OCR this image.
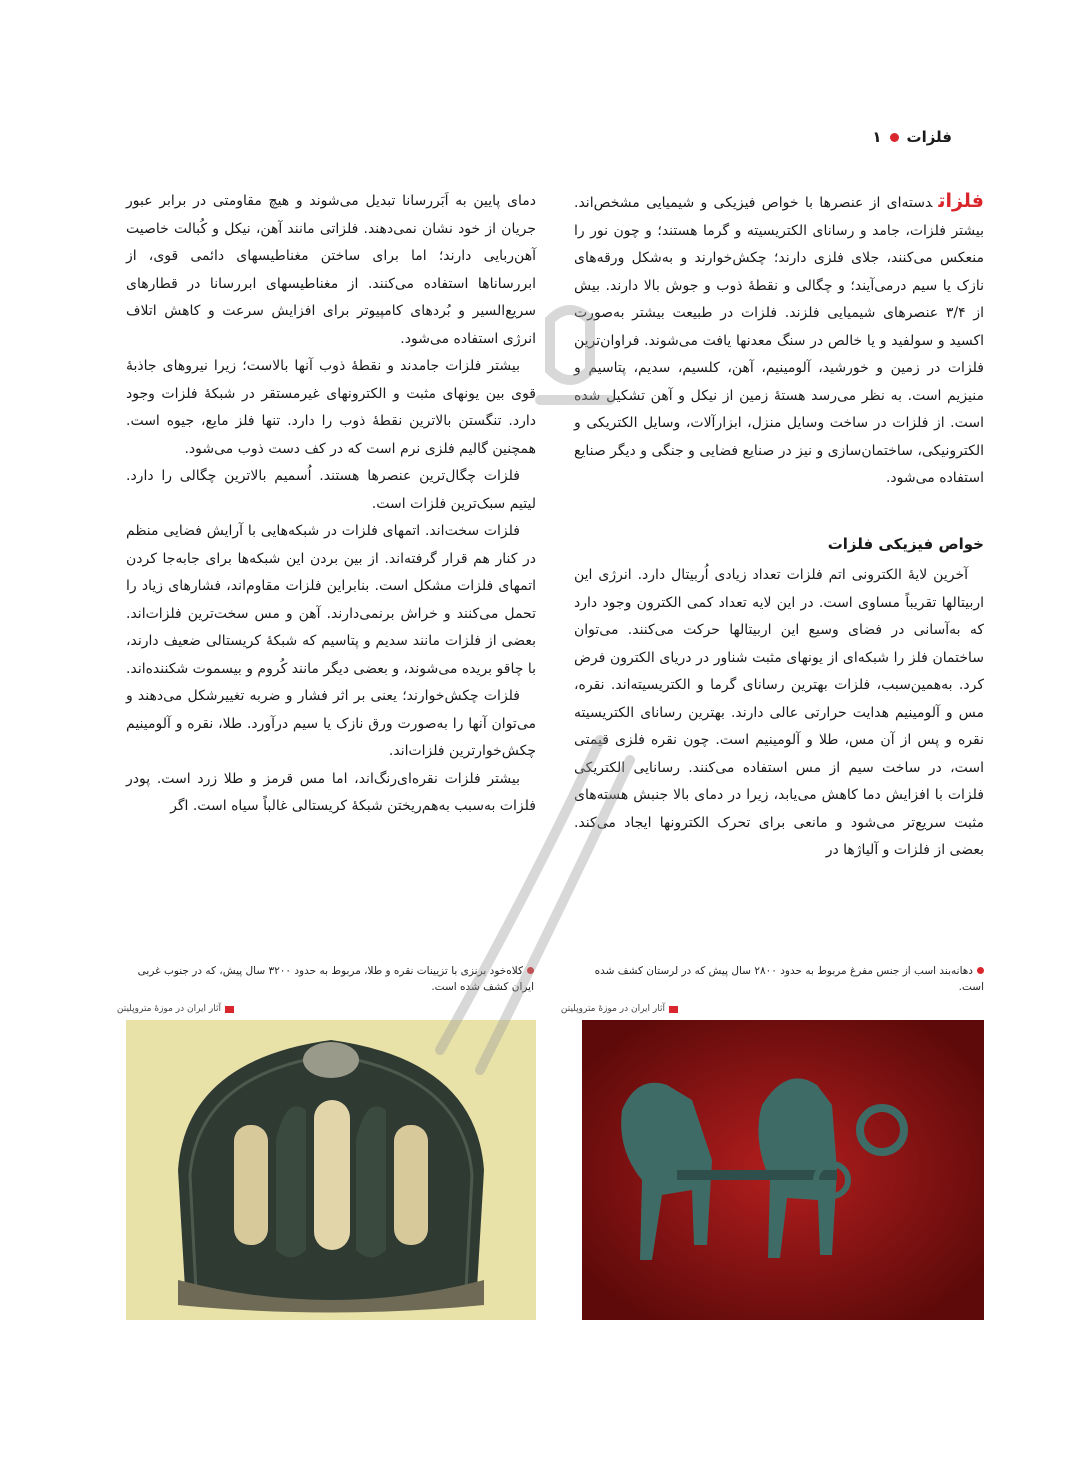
فلزات
۱

فلزاتدسته‌ای از عنصرها با خواص فیزیکی و شیمیایی مشخص‌اند. بیشتر فلزات، جامد و رسانای الکتریسیته و گرما هستند؛ و چون نور را منعکس می‌کنند، جلای فلزی دارند؛ چکش‌خوارند و به‌شکل ورقه‌های نازک یا سیم درمی‌آیند؛ و چگالی و نقطهٔ ذوب و جوش بالا دارند. بیش از ۳/۴ عنصرهای شیمیایی فلزند. فلزات در طبیعت بیشتر به‌صورت اکسید و سولفید و یا خالص در سنگ معدنها یافت می‌شوند. فراوان‌ترین فلزات در زمین و خورشید، آلومینیم، آهن، کلسیم، سدیم، پتاسیم و منیزیم است. به نظر می‌رسد هستهٔ زمین از نیکل و آهن تشکیل شده است. از فلزات در ساخت وسایل منزل، ابزارآلات، وسایل الکتریکی و الکترونیکی، ساختمان‌سازی و نیز در صنایع فضایی و جنگی و دیگر صنایع استفاده می‌شود.

خواص فیزیکی فلزات

آخرین لایهٔ الکترونی اتم فلزات تعداد زیادی اُربیتال دارد. انرژی این اربیتالها تقریباً مساوی است. در این لایه تعداد کمی الکترون وجود دارد که به‌آسانی در فضای وسیع این اربیتالها حرکت می‌کنند. می‌توان ساختمان فلز را شبکه‌ای از یونهای مثبت شناور در دریای الکترون فرض کرد. به‌همین‌سبب، فلزات بهترین رسانای گرما و الکتریسیته‌اند. نقره، مس و آلومینیم هدایت حرارتی عالی دارند. بهترین رسانای الکتریسیته نقره و پس از آن مس، طلا و آلومینیم است. چون نقره فلزی قیمتی است، در ساخت سیم از مس استفاده می‌کنند. رسانایی الکتریکی فلزات با افزایش دما کاهش می‌یابد، زیرا در دمای بالا جنبش هسته‌های مثبت سریع‌تر می‌شود و مانعی برای تحرک الکترونها ایجاد می‌کند. بعضی از فلزات و آلیاژها در

دمای پایین به اَبَررسانا تبدیل می‌شوند و هیچ مقاومتی در برابر عبور جریان از خود نشان نمی‌دهند. فلزاتی مانند آهن، نیکل و کُبالت خاصیت آهن‌ربایی دارند؛ اما برای ساختن مغناطیسهای دائمی قوی، از ابررساناها استفاده می‌کنند. از مغناطیسهای ابررسانا در قطارهای سریع‌السیر و بُردهای کامپیوتر برای افزایش سرعت و کاهش اتلاف انرژی استفاده می‌شود.

بیشتر فلزات جامدند و نقطهٔ ذوب آنها بالاست؛ زیرا نیروهای جاذبهٔ قوی بین یونهای مثبت و الکترونهای غیرمستقر در شبکهٔ فلزات وجود دارد. تنگستن بالاترین نقطهٔ ذوب را دارد. تنها فلز مایع، جیوه است. همچنین گالیم فلزی نرم است که در کف دست ذوب می‌شود.

فلزات چگال‌ترین عنصرها هستند. اُسمیم بالاترین چگالی را دارد. لیتیم سبک‌ترین فلزات است.

فلزات سخت‌اند. اتمهای فلزات در شبکه‌هایی با آرایش فضایی منظم در کنار هم قرار گرفته‌اند. از بین بردن این شبکه‌ها برای جابه‌جا کردن اتمهای فلزات مشکل است. بنابراین فلزات مقاوم‌اند، فشارهای زیاد را تحمل می‌کنند و خراش برنمی‌دارند. آهن و مس سخت‌ترین فلزات‌اند. بعضی از فلزات مانند سدیم و پتاسیم که شبکهٔ کریستالی ضعیف دارند، با چاقو بریده می‌شوند، و بعضی دیگر مانند کُروم و بیسموت شکننده‌اند.

فلزات چکش‌خوارند؛ یعنی بر اثر فشار و ضربه تغییرشکل می‌دهند و می‌توان آنها را به‌صورت ورق نازک یا سیم درآورد. طلا، نقره و آلومینیم چکش‌خوارترین فلزات‌اند.

بیشتر فلزات نقره‌ای‌رنگ‌اند، اما مس قرمز و طلا زرد است. پودر فلزات به‌سبب به‌هم‌ریختن شبکهٔ کریستالی غالباً سیاه است. اگر

دهانه‌بند اسب از جنس مفرغ مربوط به حدود ۲۸۰۰ سال پیش که در لرستان کشف شده است.
کلاه‌خود برنزی با تزیینات نقره و طلا، مربوط به حدود ۳۲۰۰ سال پیش، که در جنوب غربی ایران کشف شده است.
آثار ایران در موزهٔ متروپلیتن
آثار ایران در موزهٔ متروپلیتن
